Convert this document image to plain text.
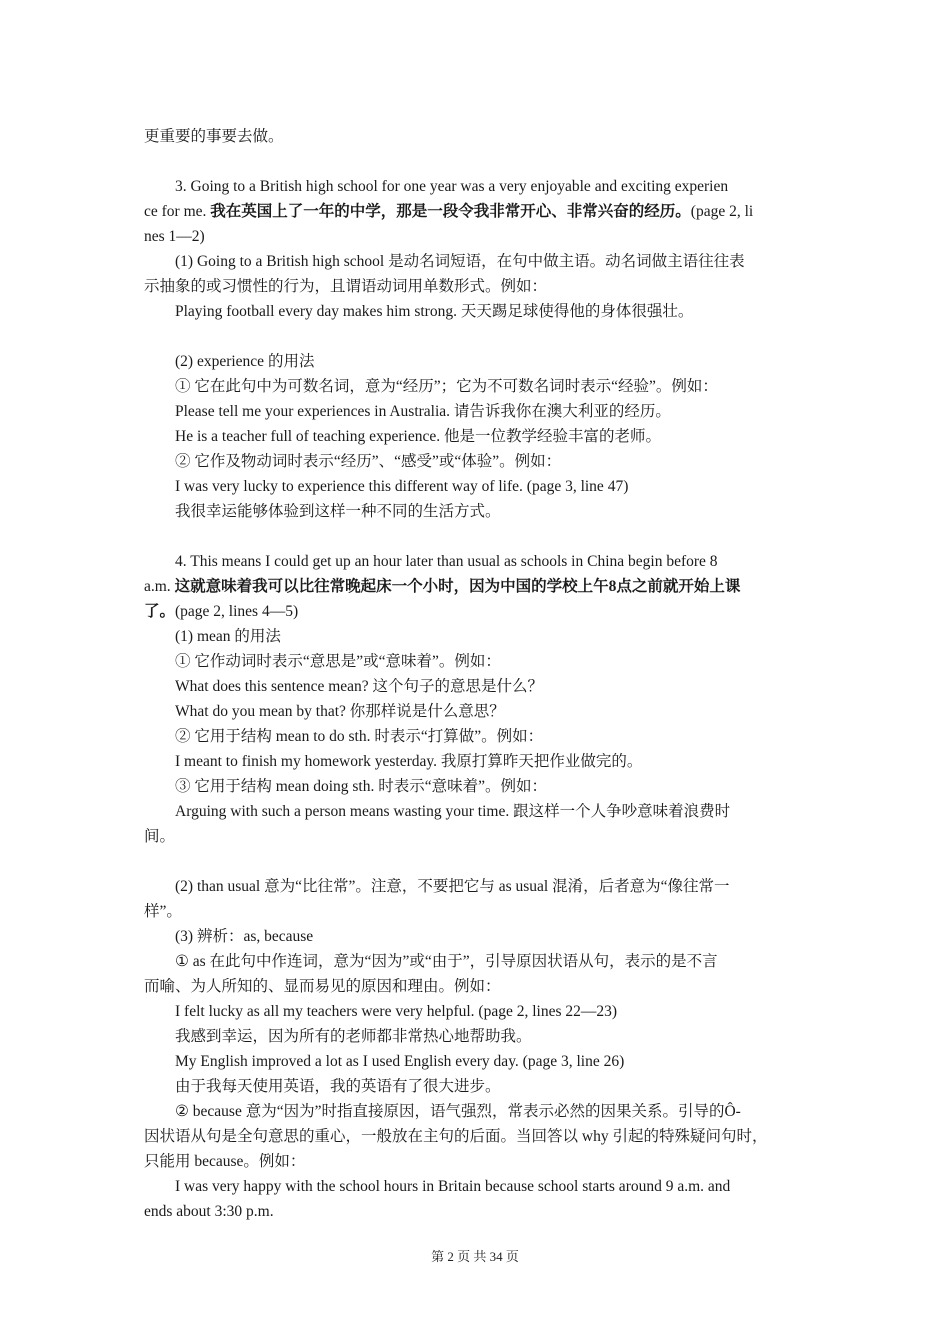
更重要的事要去做。
3. Going to a British high school for one year was a very enjoyable and exciting experien
ce for me. 我在英国上了一年的中学，那是一段令我非常开心、非常兴奋的经历。(page 2, li
nes 1—2)
(1) Going to a British high school 是动名词短语，在句中做主语。动名词做主语往往表
示抽象的或习惯性的行为，且谓语动词用单数形式。例如：
Playing football every day makes him strong. 天天踢足球使得他的身体很强壮。
(2) experience 的用法
① 它在此句中为可数名词，意为“经历”；它为不可数名词时表示“经验”。例如：
Please tell me your experiences in Australia. 请告诉我你在澳大利亚的经历。
He is a teacher full of teaching experience. 他是一位教学经验丰富的老师。
② 它作及物动词时表示“经历”、“感受”或“体验”。例如：
I was very lucky to experience this different way of life. (page 3, line 47)
我很幸运能够体验到这样一种不同的生活方式。
4. This means I could get up an hour later than usual as schools in China begin before 8
a.m. 这就意味着我可以比往常晚起床一个小时，因为中国的学校上午8点之前就开始上课
了。(page 2, lines 4—5)
(1) mean 的用法
① 它作动词时表示“意思是”或“意味着”。例如：
What does this sentence mean? 这个句子的意思是什么？
What do you mean by that? 你那样说是什么意思？
② 它用于结构 mean to do sth. 时表示“打算做”。例如：
I meant to finish my homework yesterday. 我原打算昨天把作业做完的。
③ 它用于结构 mean doing sth. 时表示“意味着”。例如：
Arguing with such a person means wasting your time. 跟这样一个人争吵意味着浪费时
间。
(2) than usual 意为“比往常”。注意，不要把它与 as usual 混淆，后者意为“像往常一
样”。
(3) 辨析：as, because
① as 在此句中作连词，意为“因为”或“由于”，引导原因状语从句，表示的是不言
而喻、为人所知的、显而易见的原因和理由。例如：
I felt lucky as all my teachers were very helpful. (page 2, lines 22—23)
我感到幸运，因为所有的老师都非常热心地帮助我。
My English improved a lot as I used English every day. (page 3, line 26)
由于我每天使用英语，我的英语有了很大进步。
② because 意为“因为”时指直接原因，语气强烈，常表示必然的因果关系。引导的Ô-
因状语从句是全句意思的重心，一般放在主句的后面。当回答以 why 引起的特殊疑问句时，
只能用 because。例如：
I was very happy with the school hours in Britain because school starts around 9 a.m. and
ends about 3:30 p.m.
第 2 页 共 34 页
